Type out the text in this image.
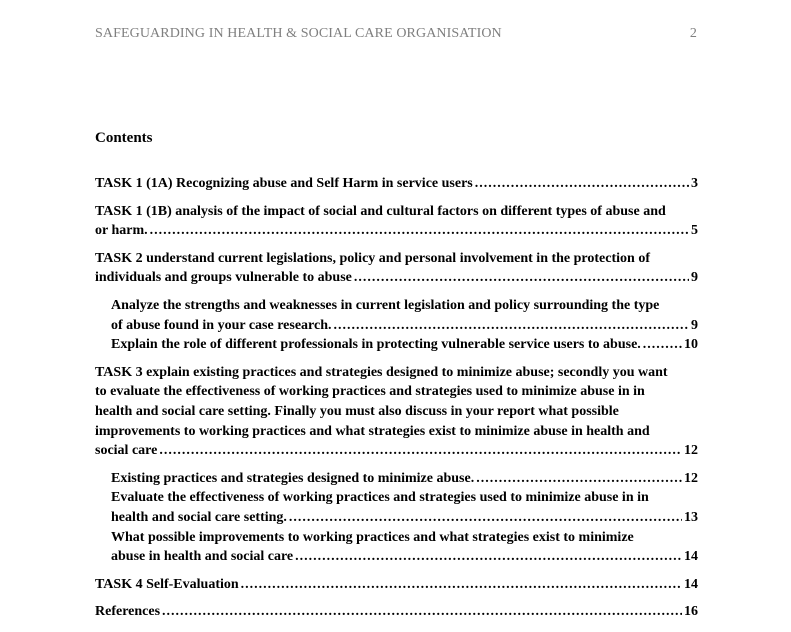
SAFEGUARDING IN HEALTH & SOCIAL CARE ORGANISATION	2
Contents
TASK 1 (1A) Recognizing abuse and Self Harm in service users .....	3
TASK 1 (1B) analysis of the impact of social and cultural factors on different types of abuse and
or harm. .....	5
TASK 2 understand current legislations, policy and personal involvement in the protection of
individuals and groups vulnerable to abuse .....	9
Analyze the strengths and weaknesses in current legislation and policy surrounding the type
of abuse found in your case research. .....	9
Explain the role of different professionals in protecting vulnerable service users to abuse. .....	10
TASK 3 explain existing practices and strategies designed to minimize abuse; secondly you want
to evaluate the effectiveness of working practices and strategies used to minimize abuse in in
health and social care setting. Finally you must also discuss in your report what possible
improvements to working practices and what strategies exist to minimize abuse in health and
social care .....	12
Existing practices and strategies designed to minimize abuse. .....	12
Evaluate the effectiveness of working practices and strategies used to minimize abuse in in
health and social care setting. .....	13
What possible improvements to working practices and what strategies exist to minimize
abuse in health and social care .....	14
TASK 4 Self-Evaluation .....	14
References .....	16
